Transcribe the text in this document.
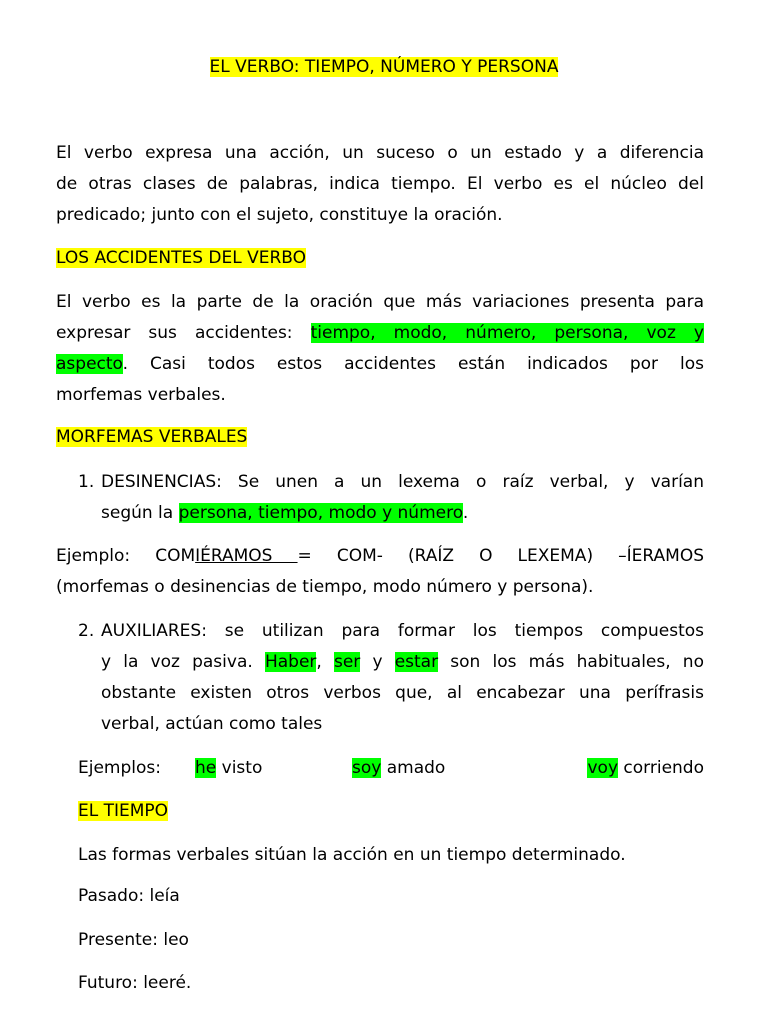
EL VERBO: TIEMPO, NÚMERO Y PERSONA
El verbo expresa una acción, un suceso o un estado y a diferencia
de otras clases de palabras, indica tiempo. El verbo es el núcleo del
predicado; junto con el sujeto, constituye la oración.
LOS ACCIDENTES DEL VERBO
El verbo es la parte de la oración que más variaciones presenta para
expresar sus accidentes: tiempo, modo, número, persona, voz y
aspecto. Casi todos estos accidentes están indicados por los
morfemas verbales.
MORFEMAS VERBALES
1. DESINENCIAS: Se unen a un lexema o raíz verbal, y varían
según la persona, tiempo, modo y número.
Ejemplo: COMIÉRAMOS = COM- (RAÍZ O LEXEMA) –ÍERAMOS
(morfemas o desinencias de tiempo, modo número y persona).
2. AUXILIARES: se utilizan para formar los tiempos compuestos
y la voz pasiva. Haber, ser y estar son los más habituales, no
obstante existen otros verbos que, al encabezar una perífrasis
verbal, actúan como tales
Ejemplos: he visto	soy amado	voy corriendo
EL TIEMPO
Las formas verbales sitúan la acción en un tiempo determinado.
Pasado: leía
Presente: leo
Futuro: leeré.
